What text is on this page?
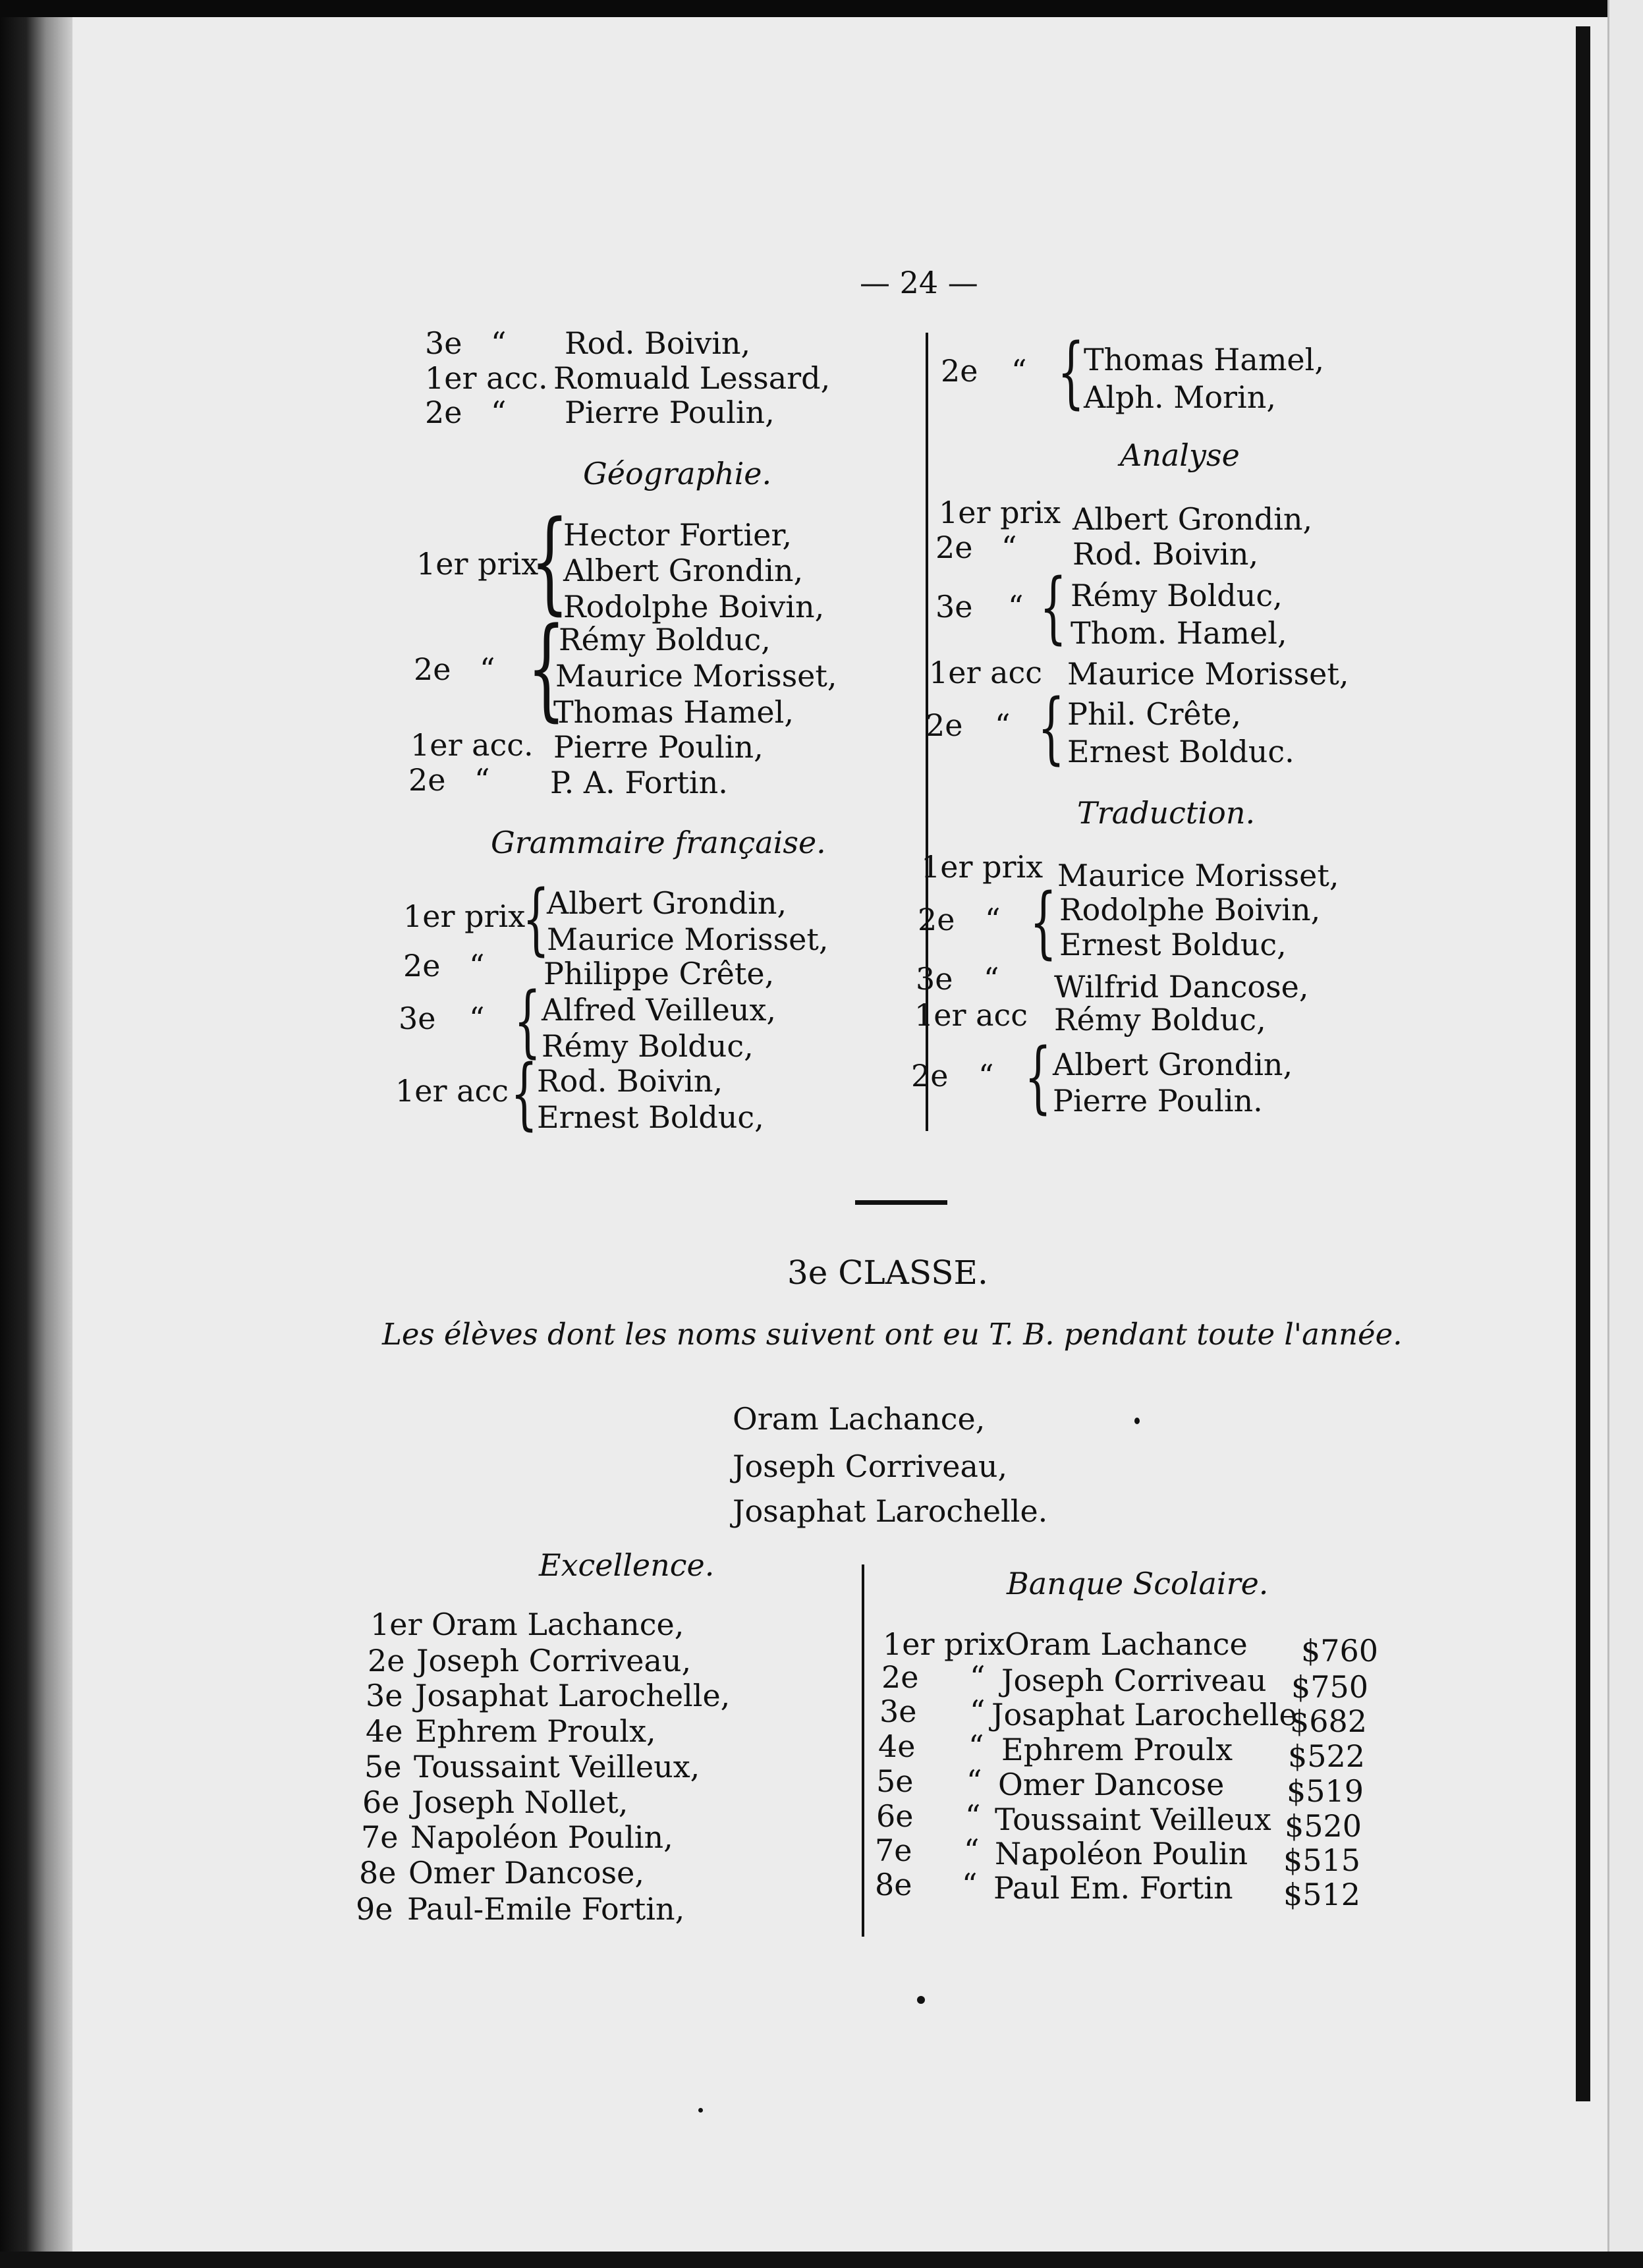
— 24 —
3e “ Rod. Boivin,
1er acc. Romuald Lessard,
2e “ Pierre Poulin,
Géographie.
1er prix
{
Hector Fortier,
Albert Grondin,
Rodolphe Boivin,
2e “ {
Rémy Bolduc,
Maurice Morisset,
Thomas Hamel,
1er acc. Pierre Poulin,
2e “ P. A. Fortin.
Grammaire française.
1er prix
{
Albert Grondin,
Maurice Morisset,
2e “ Philippe Crête,
3e “ { Alfred Veilleux,
Rémy Bolduc,
1er acc {
Rod. Boivin,
Ernest Bolduc,
2e “ {
Thomas Hamel,
Alph. Morin,
Analyse
1er prix Albert Grondin,
2e “ Rod. Boivin,
3e “ { Rémy Bolduc,
Thom. Hamel,
1er acc Maurice Morisset,
2e “ { Phil. Crête,
Ernest Bolduc.
Traduction.
1er prix Maurice Morisset,
2e “ { Rodolphe Boivin,
Ernest Bolduc,
3e “ Wilfrid Dancose,
1er acc Rémy Bolduc,
2e “ { Albert Grondin,
Pierre Poulin.
3e CLASSE.
Les élèves dont les noms suivent ont eu T. B. pendant toute l'année.
Oram Lachance,
Joseph Corriveau,
Josaphat Larochelle.
Excellence.
1er Oram Lachance,
2e Joseph Corriveau,
3e Josaphat Larochelle,
4e Ephrem Proulx,
5e Toussaint Veilleux,
6e Joseph Nollet,
7e Napoléon Poulin,
8e Omer Dancose,
9e Paul-Emile Fortin,
Banque Scolaire.
1er prix Oram Lachance $760
2e “ Joseph Corriveau $750
3e “ Josaphat Larochelle
$682
4e “ Ephrem Proulx $522
5e “ Omer Dancose $519
6e “ Toussaint Veilleux $520
7e “ Napoléon Poulin $515
8e “ Paul Em. Fortin $512
